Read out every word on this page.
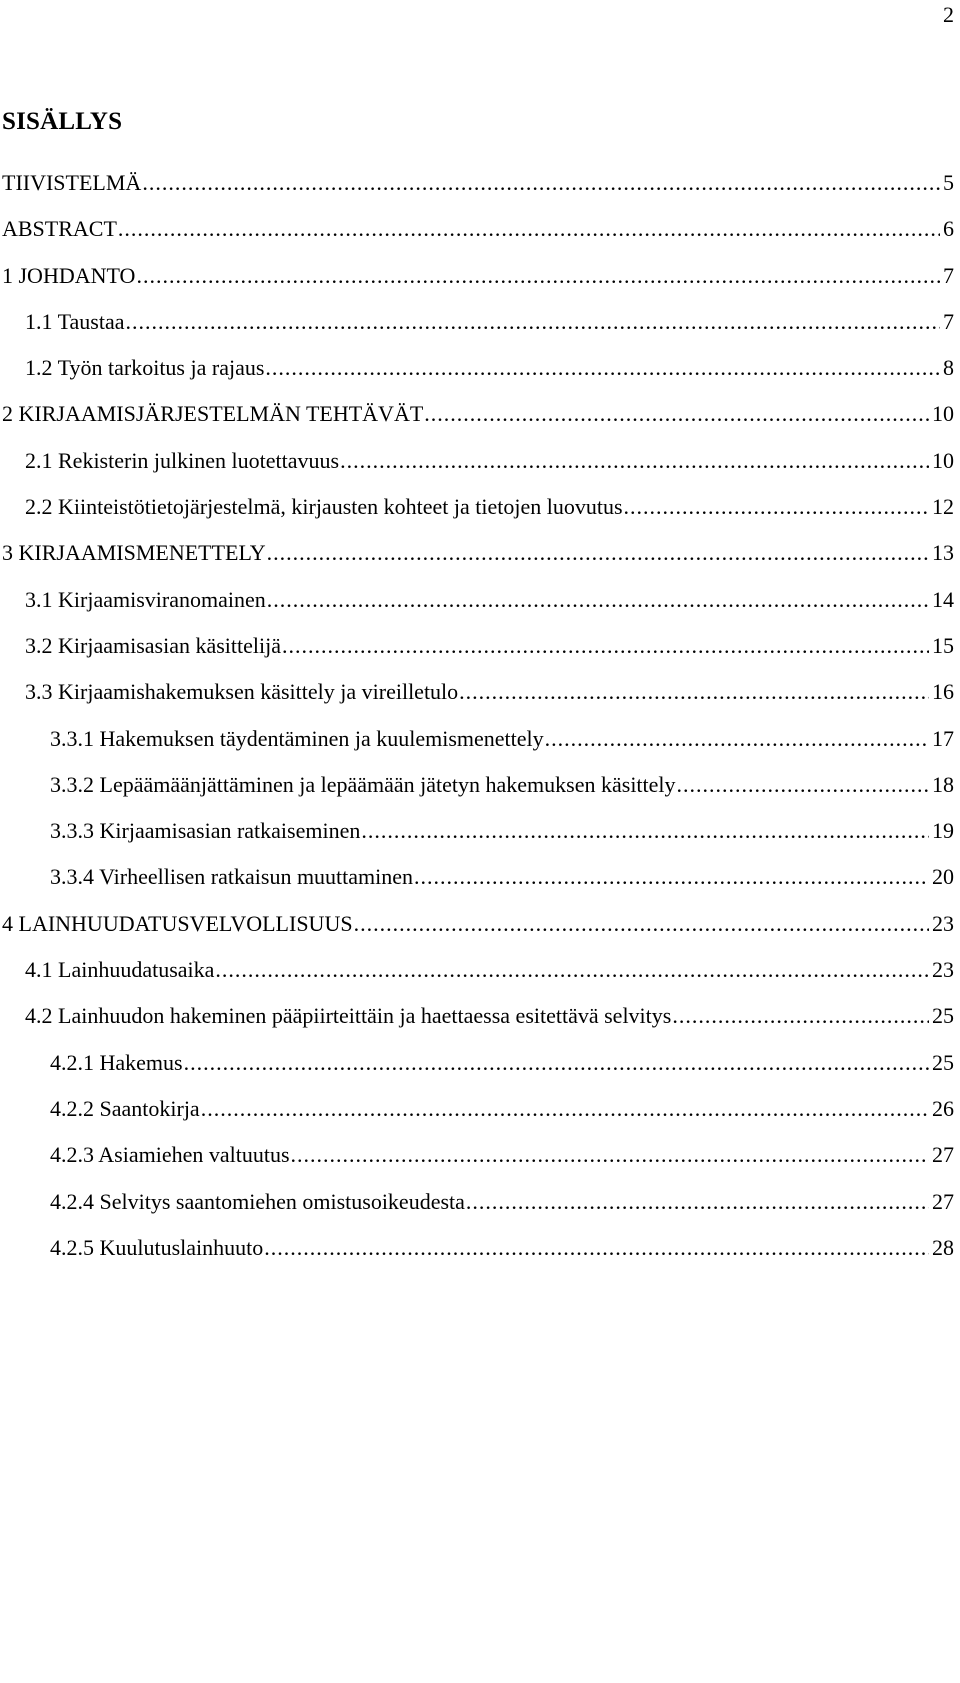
2
SISÄLLYS
TIIVISTELMÄ .....	5
ABSTRACT .....	6
1 JOHDANTO .....	7
1.1 Taustaa .....	7
1.2 Työn tarkoitus ja rajaus .....	8
2 KIRJAAMISJÄRJESTELMÄN TEHTÄVÄT .....	10
2.1 Rekisterin julkinen luotettavuus .....	10
2.2 Kiinteistötietojärjestelmä, kirjausten kohteet ja tietojen luovutus .....	12
3 KIRJAAMISMENETTELY .....	13
3.1 Kirjaamisviranomainen .....	14
3.2 Kirjaamisasian käsittelijä .....	15
3.3 Kirjaamishakemuksen käsittely ja vireilletulo .....	16
3.3.1 Hakemuksen täydentäminen ja kuulemismenettely .....	17
3.3.2 Lepäämäänjättäminen ja lepäämään jätetyn hakemuksen käsittely .....	18
3.3.3 Kirjaamisasian ratkaiseminen .....	19
3.3.4 Virheellisen ratkaisun muuttaminen .....	20
4 LAINHUUDATUSVELVOLLISUUS .....	23
4.1 Lainhuudatusaika .....	23
4.2 Lainhuudon hakeminen pääpiirteittäin ja haettaessa esitettävä selvitys .....	25
4.2.1 Hakemus .....	25
4.2.2 Saantokirja .....	26
4.2.3 Asiamiehen valtuutus .....	27
4.2.4 Selvitys saantomiehen omistusoikeudesta .....	27
4.2.5 Kuulutuslainhuuto .....	28
